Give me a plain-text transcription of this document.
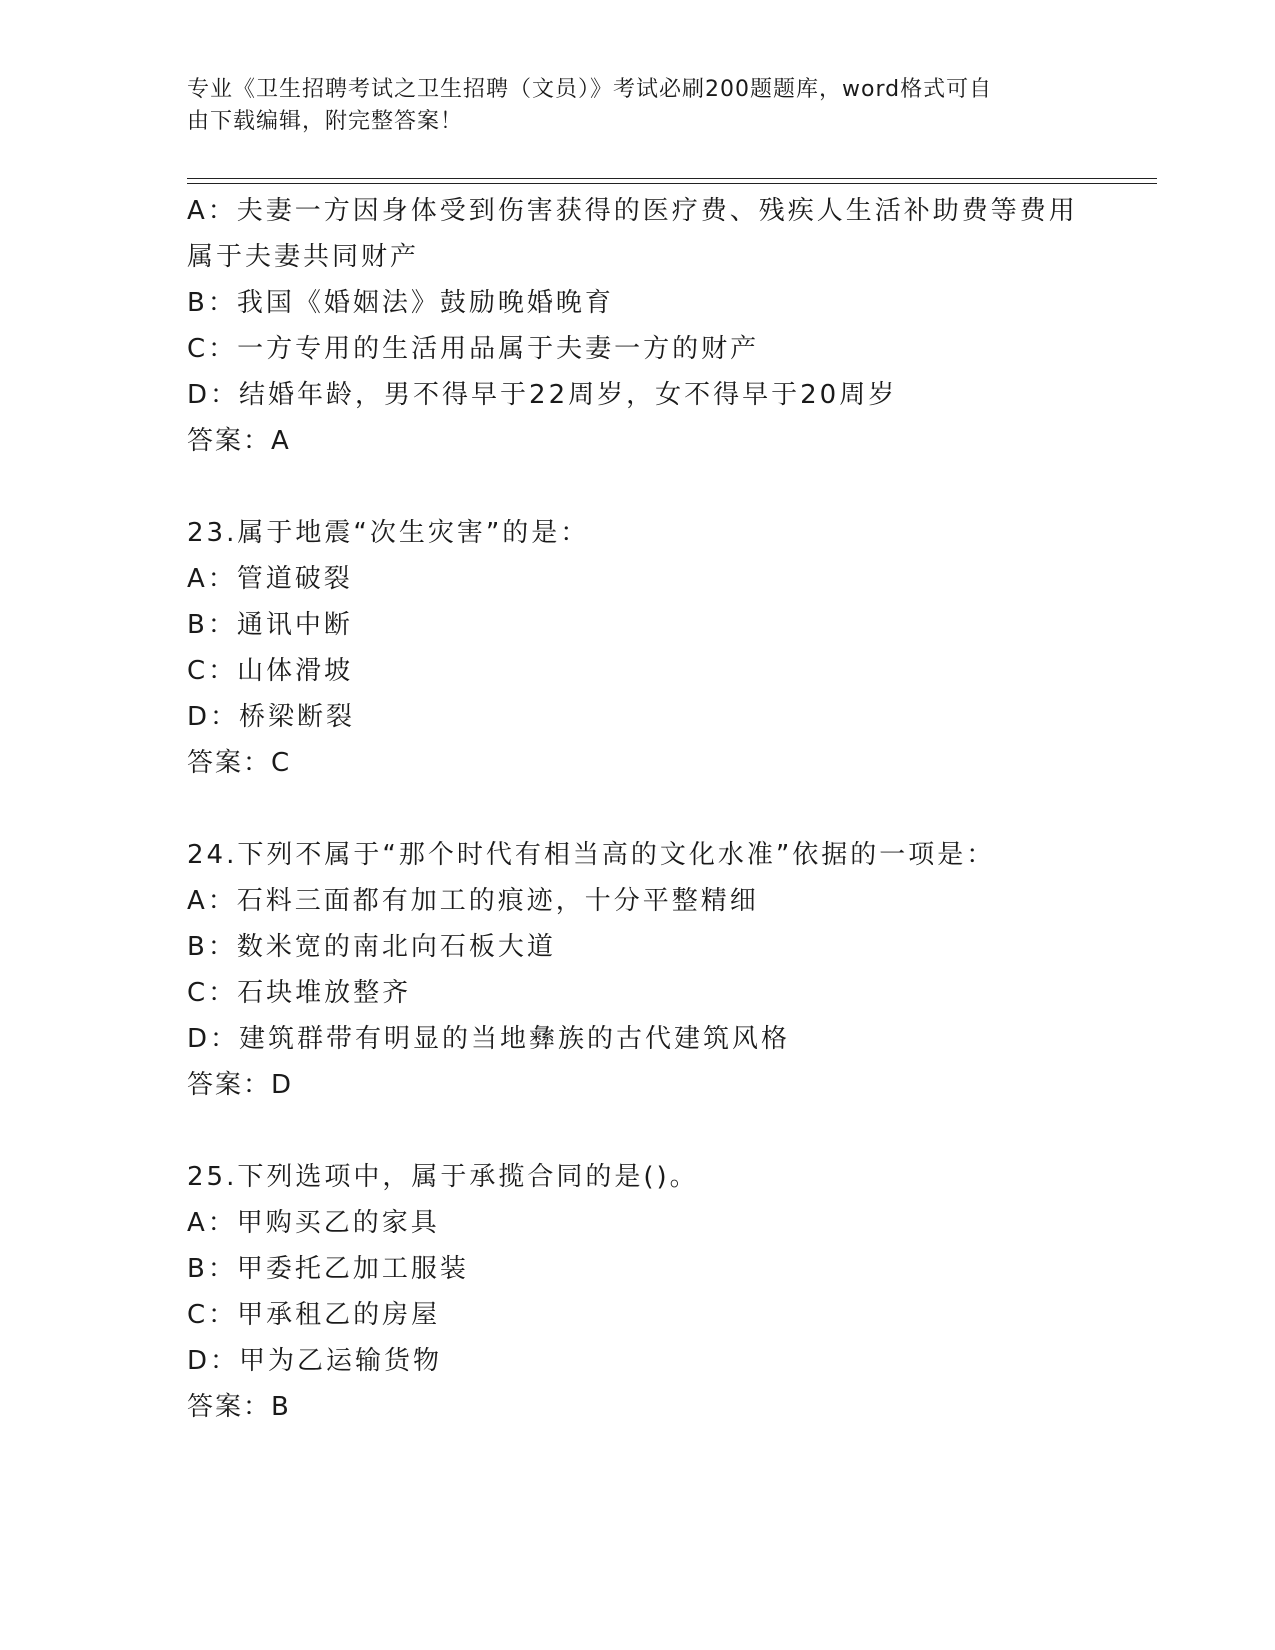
专业《卫生招聘考试之卫生招聘（文员）》考试必刷200题题库，word格式可自
由下载编辑，附完整答案！
A：夫妻一方因身体受到伤害获得的医疗费、残疾人生活补助费等费用
属于夫妻共同财产
B：我国《婚姻法》鼓励晚婚晚育
C：一方专用的生活用品属于夫妻一方的财产
D：结婚年龄，男不得早于22周岁，女不得早于20周岁
答案：A
23.属于地震“次生灾害”的是：
A：管道破裂
B：通讯中断
C：山体滑坡
D：桥梁断裂
答案：C
24.下列不属于“那个时代有相当高的文化水准”依据的一项是：
A：石料三面都有加工的痕迹，十分平整精细
B：数米宽的南北向石板大道
C：石块堆放整齐
D：建筑群带有明显的当地彝族的古代建筑风格
答案：D
25.下列选项中，属于承揽合同的是()。
A：甲购买乙的家具
B：甲委托乙加工服装
C：甲承租乙的房屋
D：甲为乙运输货物
答案：B
